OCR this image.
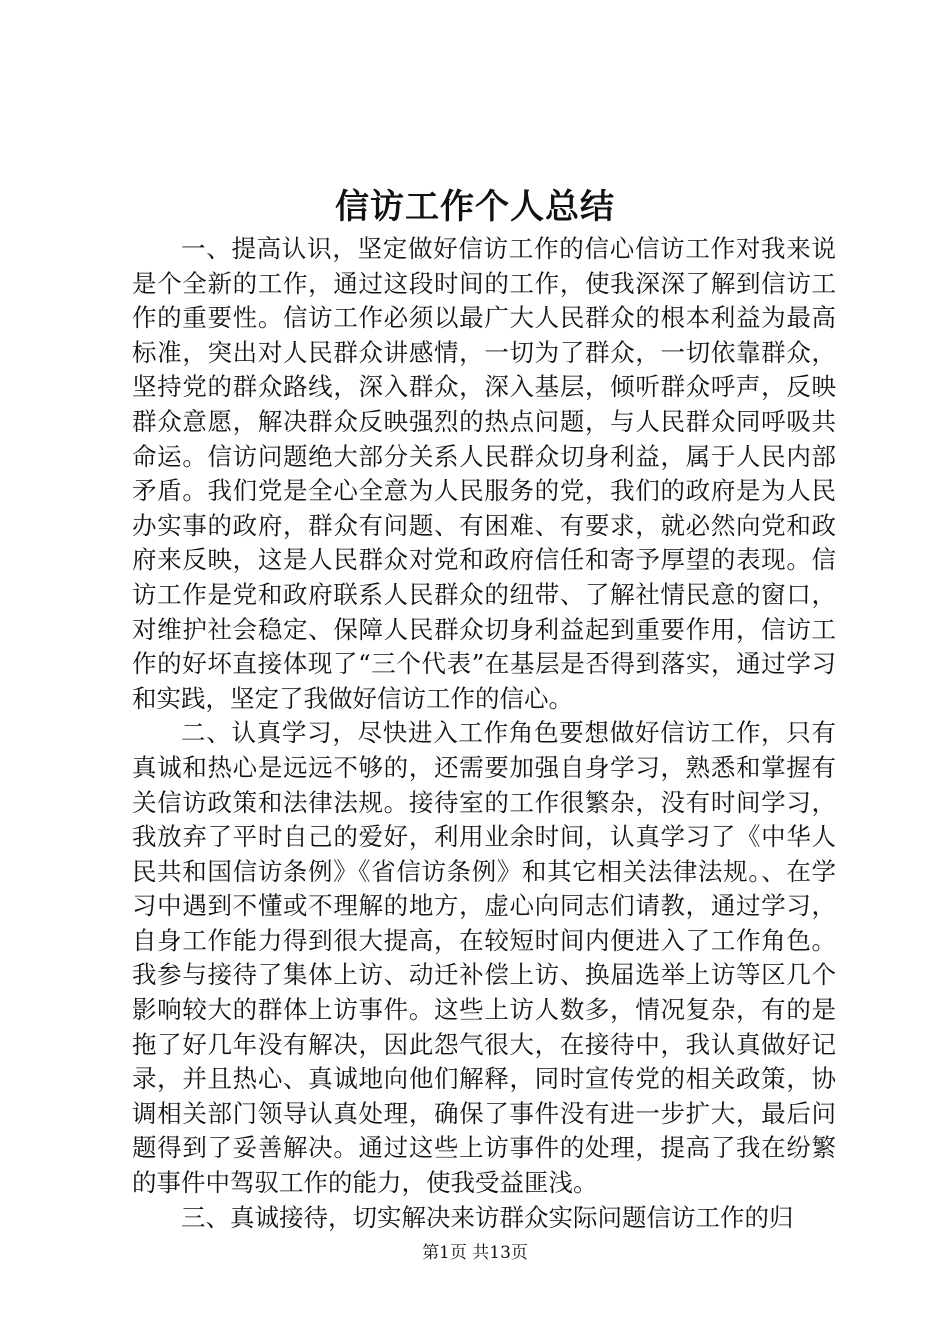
信访工作个人总结

一、提高认识，坚定做好信访工作的信心信访工作对我来说是个全新的工作，通过这段时间的工作，使我深深了解到信访工作的重要性。信访工作必须以最广大人民群众的根本利益为最高标准，突出对人民群众讲感情，一切为了群众，一切依靠群众，坚持党的群众路线，深入群众，深入基层，倾听群众呼声，反映群众意愿，解决群众反映强烈的热点问题，与人民群众同呼吸共命运。信访问题绝大部分关系人民群众切身利益，属于人民内部矛盾。我们党是全心全意为人民服务的党，我们的政府是为人民办实事的政府，群众有问题、有困难、有要求，就必然向党和政府来反映，这是人民群众对党和政府信任和寄予厚望的表现。信访工作是党和政府联系人民群众的纽带、了解社情民意的窗口，对维护社会稳定、保障人民群众切身利益起到重要作用，信访工作的好坏直接体现了“三个代表”在基层是否得到落实，通过学习和实践，坚定了我做好信访工作的信心。

二、认真学习，尽快进入工作角色要想做好信访工作，只有真诚和热心是远远不够的，还需要加强自身学习，熟悉和掌握有关信访政策和法律法规。接待室的工作很繁杂，没有时间学习，我放弃了平时自己的爱好，利用业余时间，认真学习了《中华人民共和国信访条例》《省信访条例》和其它相关法律法规。、在学习中遇到不懂或不理解的地方，虚心向同志们请教，通过学习，自身工作能力得到很大提高，在较短时间内便进入了工作角色。我参与接待了集体上访、动迁补偿上访、换届选举上访等区几个影响较大的群体上访事件。这些上访人数多，情况复杂，有的是拖了好几年没有解决，因此怨气很大，在接待中，我认真做好记录，并且热心、真诚地向他们解释，同时宣传党的相关政策，协调相关部门领导认真处理，确保了事件没有进一步扩大，最后问题得到了妥善解决。通过这些上访事件的处理，提高了我在纷繁的事件中驾驭工作的能力，使我受益匪浅。

三、真诚接待，切实解决来访群众实际问题信访工作的归

第1页 共13页
